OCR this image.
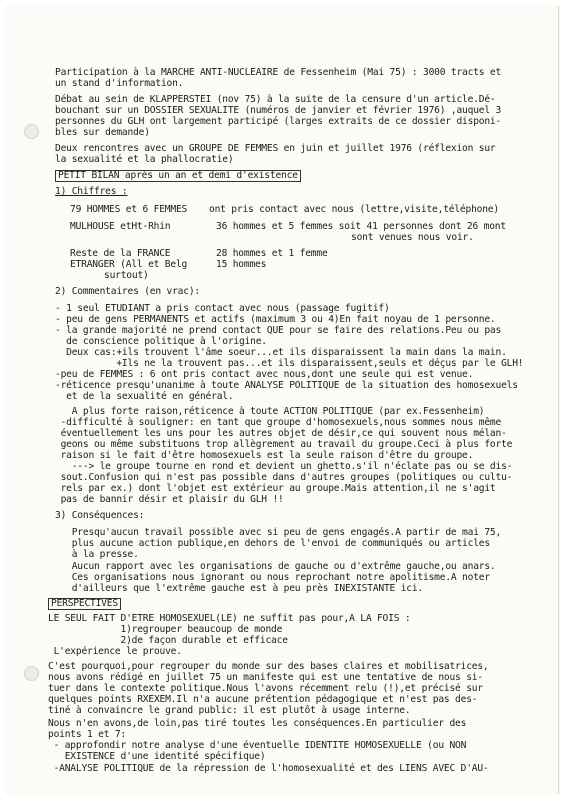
Participation à la MARCHE ANTI-NUCLEAIRE de Fessenheim (Mai 75) : 3000 tracts et
un stand d'information.
Débat au sein de KLAPPERSTEI (nov 75) à la suite de la censure d'un article.Dé-
bouchant sur un DOSSIER SEXUALITE (numéros de janvier et février 1976) ,auquel 3
personnes du GLH ont largement participé (larges extraits de ce dossier disponi-
bles sur demande)
Deux rencontres avec un GROUPE DE FEMMES en juin et juillet 1976 (réflexion sur
la sexualité et la phallocratie)
PETIT BILAN après un an et demi d'existence
1) Chiffres :
79 HOMMES et 6 FEMMES ont pris contact avec nous (lettre,visite,téléphone)
MULHOUSE etHt-Rhin	36 hommes et 5 femmes soit 41 personnes dont 26 mont
sont venues nous voir.
Reste de la FRANCE	28 hommes et 1 femme
ETRANGER (All et Belg
surtout)
15 hommes
2) Commentaires (en vrac):
- 1 seul ETUDIANT a pris contact avec nous (passage fugitif)
- peu de gens PERMANENTS et actifs (maximum 3 ou 4)En fait noyau de 1 personne.
- la grande majorité ne prend contact QUE pour se faire des relations.Peu ou pas
de conscience politique à l'origine.
Deux cas:+ils trouvent l'âme soeur...et ils disparaissent la main dans la main.
+Ils ne la trouvent pas...et ils disparaissent,seuls et déçus par le GLH!
-peu de FEMMES : 6 ont pris contact avec nous,dont une seule qui est venue.
-réticence presqu'unanime à toute ANALYSE POLITIQUE de la situation des homosexuels
et de la sexualité en général.
A plus forte raison,réticence à toute ACTION POLITIQUE (par ex.Fessenheim)
-difficulté à souligner: en tant que groupe d'homosexuels,nous sommes nous même
éventuellement les uns pour les autres objet de désir,ce qui souvent nous mélan-
geons ou même substituons trop allègrement au travail du groupe.Ceci à plus forte
raison si le fait d'être homosexuels est la seule raison d'être du groupe.
---> le groupe tourne en rond et devient un ghetto.s'il n'éclate pas ou se dis-
sout.Confusion qui n'est pas possible dans d'autres groupes (politiques ou cultu-
rels par ex.) dont l'objet est extérieur au groupe.Mais attention,il ne s'agit
pas de bannir désir et plaisir du GLH !!
3) Conséquences:
Presqu'aucun travail possible avec si peu de gens engagés.A partir de mai 75,
plus aucune action publique,en dehors de l'envoi de communiqués ou articles
à la presse.
Aucun rapport avec les organisations de gauche ou d'extrême gauche,ou anars.
Ces organisations nous ignorant ou nous reprochant notre apolitisme.A noter
d'ailleurs que l'extrême gauche est à peu près INEXISTANTE ici.
PERSPECTIVES
LE SEUL FAIT D'ETRE HOMOSEXUEL(LE) ne suffit pas pour,A LA FOIS :
1)regrouper beaucoup de monde
2)de façon durable et efficace
L'expérience le prouve.
C'est pourquoi,pour regrouper du monde sur des bases claires et mobilisatrices,
nous avons rédigé en juillet 75 un manifeste qui est une tentative de nous si-
tuer dans le contexte politique.Nous l'avons récemment relu (!),et précisé sur
quelques points RXEXEM.Il n'a aucune prétention pédagogique et n'est pas des-
tiné à convaincre le grand public: il est plutôt à usage interne.
Nous n'en avons,de loin,pas tiré toutes les conséquences.En particulier des
points 1 et 7:
- approfondir notre analyse d'une éventuelle IDENTITE HOMOSEXUELLE (ou NON
EXISTENCE d'une identité spécifique)
-ANALYSE POLITIQUE de la répression de l'homosexualité et des LIENS AVEC D'AU-
